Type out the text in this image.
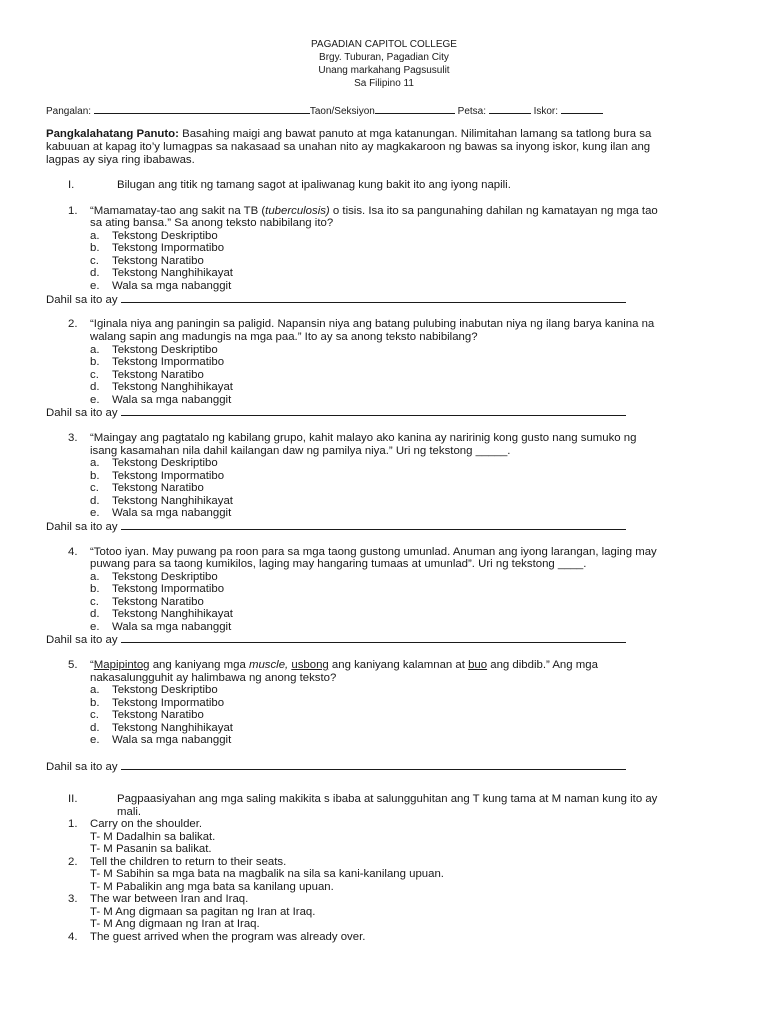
PAGADIAN CAPITOL COLLEGE
Brgy. Tuburan, Pagadian City
Unang markahang Pagsusulit
Sa Filipino 11
Pangalan:	Taon/Seksiyon	Petsa:	Iskor:
Pangkalahatang Panuto: Basahing maigi ang bawat panuto at mga katanungan. Nilimitahan lamang sa tatlong bura sa
kabuuan at kapag ito’y lumagpas sa nakasaad sa unahan nito ay magkakaroon ng bawas sa inyong iskor, kung ilan ang
lagpas ay siya ring ibabawas.
I.	Bilugan ang titik ng tamang sagot at ipaliwanag kung bakit ito ang iyong napili.
1. “Mamamatay-tao ang sakit na TB (tuberculosis) o tisis. Isa ito sa pangunahing dahilan ng kamatayan ng mga tao
sa ating bansa.” Sa anong teksto nabibilang ito?
a. Tekstong Deskriptibo
b. Tekstong Impormatibo
c. Tekstong Naratibo
d. Tekstong Nanghihikayat
e. Wala sa mga nabanggit
Dahil sa ito ay
2. “Iginala niya ang paningin sa paligid. Napansin niya ang batang pulubing inabutan niya ng ilang barya kanina na
walang sapin ang madungis na mga paa.” Ito ay sa anong teksto nabibilang?
a. Tekstong Deskriptibo
b. Tekstong Impormatibo
c. Tekstong Naratibo
d. Tekstong Nanghihikayat
e. Wala sa mga nabanggit
Dahil sa ito ay
3. “Maingay ang pagtatalo ng kabilang grupo, kahit malayo ako kanina ay naririnig kong gusto nang sumuko ng
isang kasamahan nila dahil kailangan daw ng pamilya niya.” Uri ng tekstong _____.
a. Tekstong Deskriptibo
b. Tekstong Impormatibo
c. Tekstong Naratibo
d. Tekstong Nanghihikayat
e. Wala sa mga nabanggit
Dahil sa ito ay
4. “Totoo iyan. May puwang pa roon para sa mga taong gustong umunlad. Anuman ang iyong larangan, laging may
puwang para sa taong kumikilos, laging may hangaring tumaas at umunlad”. Uri ng tekstong ____.
a. Tekstong Deskriptibo
b. Tekstong Impormatibo
c. Tekstong Naratibo
d. Tekstong Nanghihikayat
e. Wala sa mga nabanggit
Dahil sa ito ay
5. “Mapipintog ang kaniyang mga muscle, usbong ang kaniyang kalamnan at buo ang dibdib.” Ang mga
nakasalungguhit ay halimbawa ng anong teksto?
a. Tekstong Deskriptibo
b. Tekstong Impormatibo
c. Tekstong Naratibo
d. Tekstong Nanghihikayat
e. Wala sa mga nabanggit
Dahil sa ito ay
II.	Pagpaasiyahan ang mga saling makikita s ibaba at salungguhitan ang T kung tama at M naman kung ito ay
mali.
1. Carry on the shoulder.
T- M Dadalhin sa balikat.
T- M Pasanin sa balikat.
2. Tell the children to return to their seats.
T- M Sabihin sa mga bata na magbalik na sila sa kani-kanilang upuan.
T- M Pabalikin ang mga bata sa kanilang upuan.
3. The war between Iran and Iraq.
T- M Ang digmaan sa pagitan ng Iran at Iraq.
T- M Ang digmaan ng Iran at Iraq.
4. The guest arrived when the program was already over.
